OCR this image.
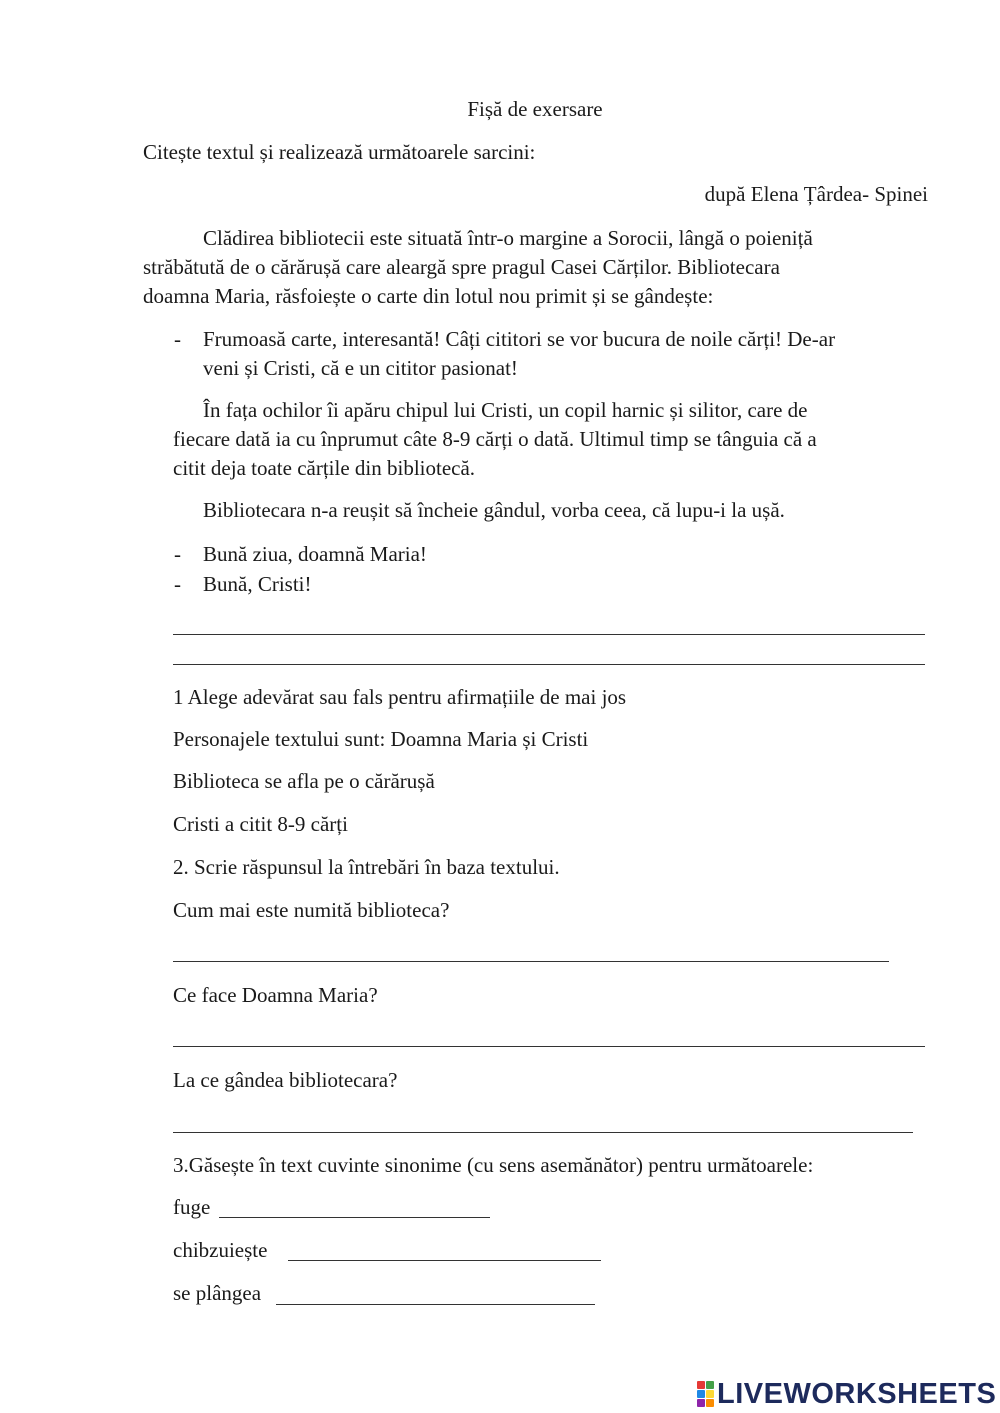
Fișă de exersare
Citește textul și realizează următoarele sarcini:
după Elena Țârdea- Spinei
Clădirea bibliotecii este situată într-o margine a Sorocii, lângă o poieniță
străbătută de o cărărușă care aleargă spre pragul Casei Cărților. Bibliotecara
doamna Maria, răsfoiește o carte din lotul nou primit și se gândește:
- Frumoasă carte, interesantă! Câți cititori se vor bucura de noile cărți! De-ar
veni și Cristi, că e un cititor pasionat!
În fața ochilor îi apăru chipul lui Cristi, un copil harnic și silitor, care de
fiecare dată ia cu înprumut câte 8-9 cărți o dată. Ultimul timp se tânguia că a
citit deja toate cărțile din bibliotecă.
Bibliotecara n-a reușit să încheie gândul, vorba ceea, că lupu-i la ușă.
- Bună ziua, doamnă Maria!
- Bună, Cristi!
1 Alege adevărat sau fals pentru afirmațiile de mai jos
Personajele textului sunt: Doamna Maria și Cristi
Biblioteca se afla pe o cărărușă
Cristi a citit 8-9 cărți
2. Scrie răspunsul la întrebări în baza textului.
Cum mai este numită biblioteca?
Ce face Doamna Maria?
La ce gândea bibliotecara?
3.Găsește în text cuvinte sinonime (cu sens asemănător) pentru următoarele:
fuge
chibzuiește
se plângea
LIVEWORKSHEETS
